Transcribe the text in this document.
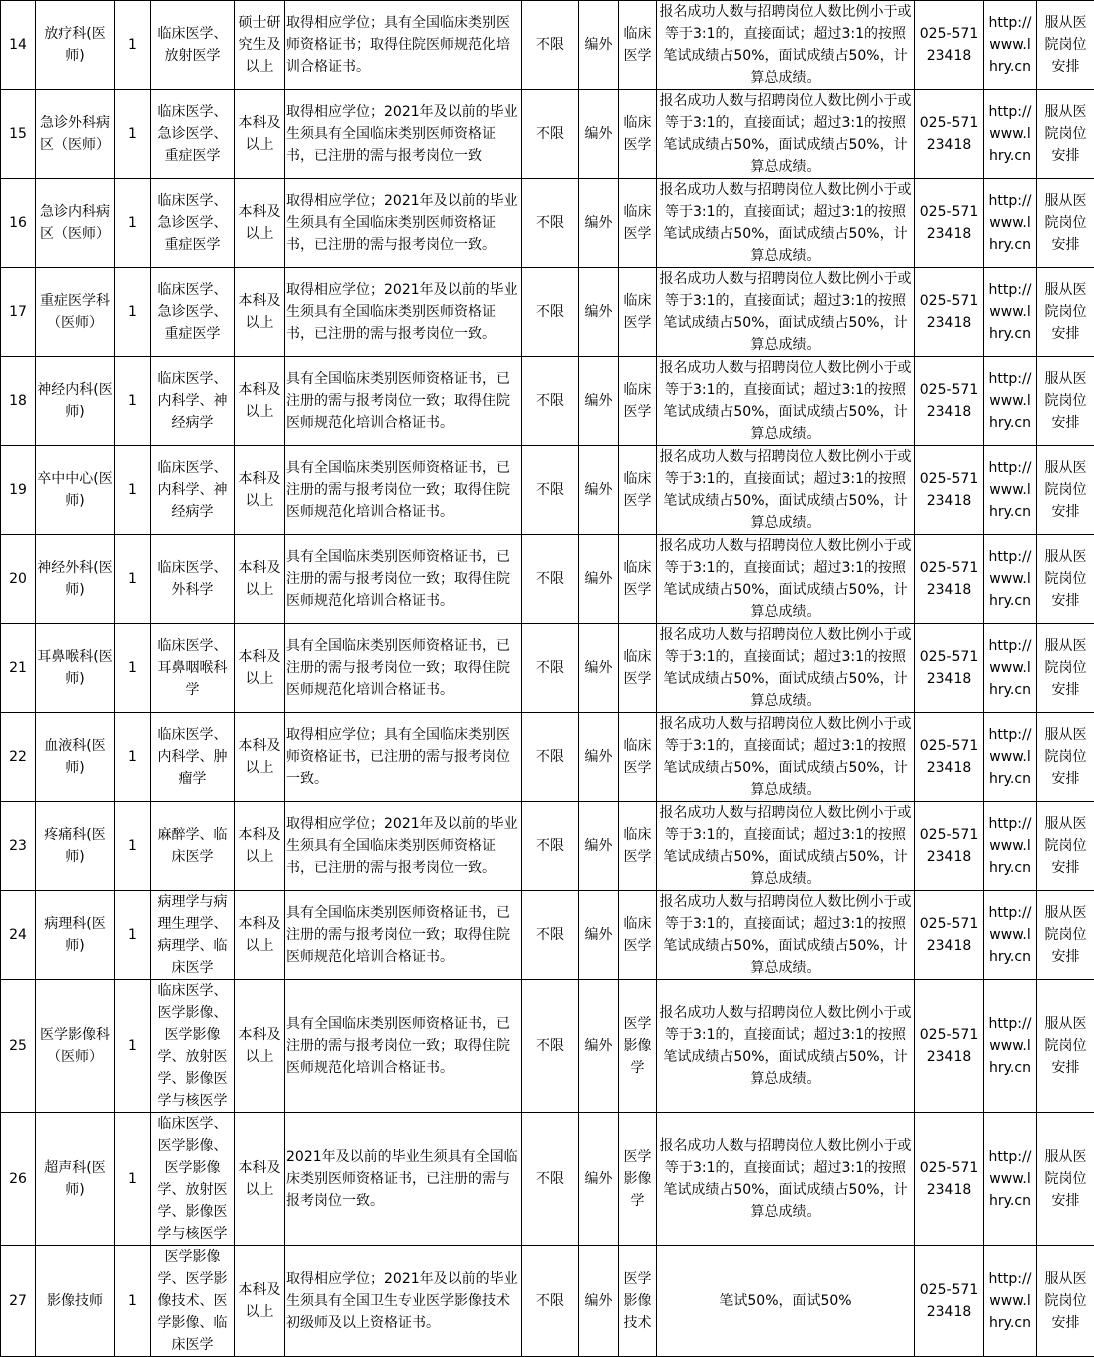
14	放疗科(医师)	1	临床医学、放射医学	硕士研究生及以上	取得相应学位；具有全国临床类别医师资格证书；取得住院医师规范化培训合格证书。	不限	编外	临床医学	报名成功人数与招聘岗位人数比例小于或等于3:1的，直接面试；超过3:1的按照笔试成绩占50%，面试成绩占50%，计算总成绩。	025-57123418	http://www.lhry.cn	服从医院岗位安排
15	急诊外科病区（医师）	1	临床医学、急诊医学、重症医学	本科及以上	取得相应学位；2021年及以前的毕业生须具有全国临床类别医师资格证书，已注册的需与报考岗位一致	不限	编外	临床医学	报名成功人数与招聘岗位人数比例小于或等于3:1的，直接面试；超过3:1的按照笔试成绩占50%，面试成绩占50%，计算总成绩。	025-57123418	http://www.lhry.cn	服从医院岗位安排
16	急诊内科病区（医师）	1	临床医学、急诊医学、重症医学	本科及以上	取得相应学位；2021年及以前的毕业生须具有全国临床类别医师资格证书，已注册的需与报考岗位一致。	不限	编外	临床医学	报名成功人数与招聘岗位人数比例小于或等于3:1的，直接面试；超过3:1的按照笔试成绩占50%，面试成绩占50%，计算总成绩。	025-57123418	http://www.lhry.cn	服从医院岗位安排
17	重症医学科（医师）	1	临床医学、急诊医学、重症医学	本科及以上	取得相应学位；2021年及以前的毕业生须具有全国临床类别医师资格证书，已注册的需与报考岗位一致。	不限	编外	临床医学	报名成功人数与招聘岗位人数比例小于或等于3:1的，直接面试；超过3:1的按照笔试成绩占50%，面试成绩占50%，计算总成绩。	025-57123418	http://www.lhry.cn	服从医院岗位安排
18	神经内科(医师)	1	临床医学、内科学、神经病学	本科及以上	具有全国临床类别医师资格证书，已注册的需与报考岗位一致；取得住院医师规范化培训合格证书。	不限	编外	临床医学	报名成功人数与招聘岗位人数比例小于或等于3:1的，直接面试；超过3:1的按照笔试成绩占50%，面试成绩占50%，计算总成绩。	025-57123418	http://www.lhry.cn	服从医院岗位安排
19	卒中中心(医师)	1	临床医学、内科学、神经病学	本科及以上	具有全国临床类别医师资格证书，已注册的需与报考岗位一致；取得住院医师规范化培训合格证书。	不限	编外	临床医学	报名成功人数与招聘岗位人数比例小于或等于3:1的，直接面试；超过3:1的按照笔试成绩占50%，面试成绩占50%，计算总成绩。	025-57123418	http://www.lhry.cn	服从医院岗位安排
20	神经外科(医师)	1	临床医学、外科学	本科及以上	具有全国临床类别医师资格证书，已注册的需与报考岗位一致；取得住院医师规范化培训合格证书。	不限	编外	临床医学	报名成功人数与招聘岗位人数比例小于或等于3:1的，直接面试；超过3:1的按照笔试成绩占50%，面试成绩占50%，计算总成绩。	025-57123418	http://www.lhry.cn	服从医院岗位安排
21	耳鼻喉科(医师)	1	临床医学、耳鼻咽喉科学	本科及以上	具有全国临床类别医师资格证书，已注册的需与报考岗位一致；取得住院医师规范化培训合格证书。	不限	编外	临床医学	报名成功人数与招聘岗位人数比例小于或等于3:1的，直接面试；超过3:1的按照笔试成绩占50%，面试成绩占50%，计算总成绩。	025-57123418	http://www.lhry.cn	服从医院岗位安排
22	血液科(医师)	1	临床医学、内科学、肿瘤学	本科及以上	取得相应学位；具有全国临床类别医师资格证书，已注册的需与报考岗位一致。	不限	编外	临床医学	报名成功人数与招聘岗位人数比例小于或等于3:1的，直接面试；超过3:1的按照笔试成绩占50%，面试成绩占50%，计算总成绩。	025-57123418	http://www.lhry.cn	服从医院岗位安排
23	疼痛科(医师)	1	麻醉学、临床医学	本科及以上	取得相应学位；2021年及以前的毕业生须具有全国临床类别医师资格证书，已注册的需与报考岗位一致。	不限	编外	临床医学	报名成功人数与招聘岗位人数比例小于或等于3:1的，直接面试；超过3:1的按照笔试成绩占50%，面试成绩占50%，计算总成绩。	025-57123418	http://www.lhry.cn	服从医院岗位安排
24	病理科(医师)	1	病理学与病理生理学、病理学、临床医学	本科及以上	具有全国临床类别医师资格证书，已注册的需与报考岗位一致；取得住院医师规范化培训合格证书。	不限	编外	临床医学	报名成功人数与招聘岗位人数比例小于或等于3:1的，直接面试；超过3:1的按照笔试成绩占50%，面试成绩占50%，计算总成绩。	025-57123418	http://www.lhry.cn	服从医院岗位安排
25	医学影像科（医师）	1	临床医学、医学影像、医学影像学、放射医学、影像医学与核医学	本科及以上	具有全国临床类别医师资格证书，已注册的需与报考岗位一致；取得住院医师规范化培训合格证书。	不限	编外	医学影像学	报名成功人数与招聘岗位人数比例小于或等于3:1的，直接面试；超过3:1的按照笔试成绩占50%，面试成绩占50%，计算总成绩。	025-57123418	http://www.lhry.cn	服从医院岗位安排
26	超声科(医师)	1	临床医学、医学影像、医学影像学、放射医学、影像医学与核医学	本科及以上	2021年及以前的毕业生须具有全国临床类别医师资格证书，已注册的需与报考岗位一致。	不限	编外	医学影像学	报名成功人数与招聘岗位人数比例小于或等于3:1的，直接面试；超过3:1的按照笔试成绩占50%，面试成绩占50%，计算总成绩。	025-57123418	http://www.lhry.cn	服从医院岗位安排
27	影像技师	1	医学影像学、医学影像技术、医学影像、临床医学	本科及以上	取得相应学位；2021年及以前的毕业生须具有全国卫生专业医学影像技术初级师及以上资格证书。	不限	编外	医学影像技术	笔试50%，面试50%	025-57123418	http://www.lhry.cn	服从医院岗位安排
